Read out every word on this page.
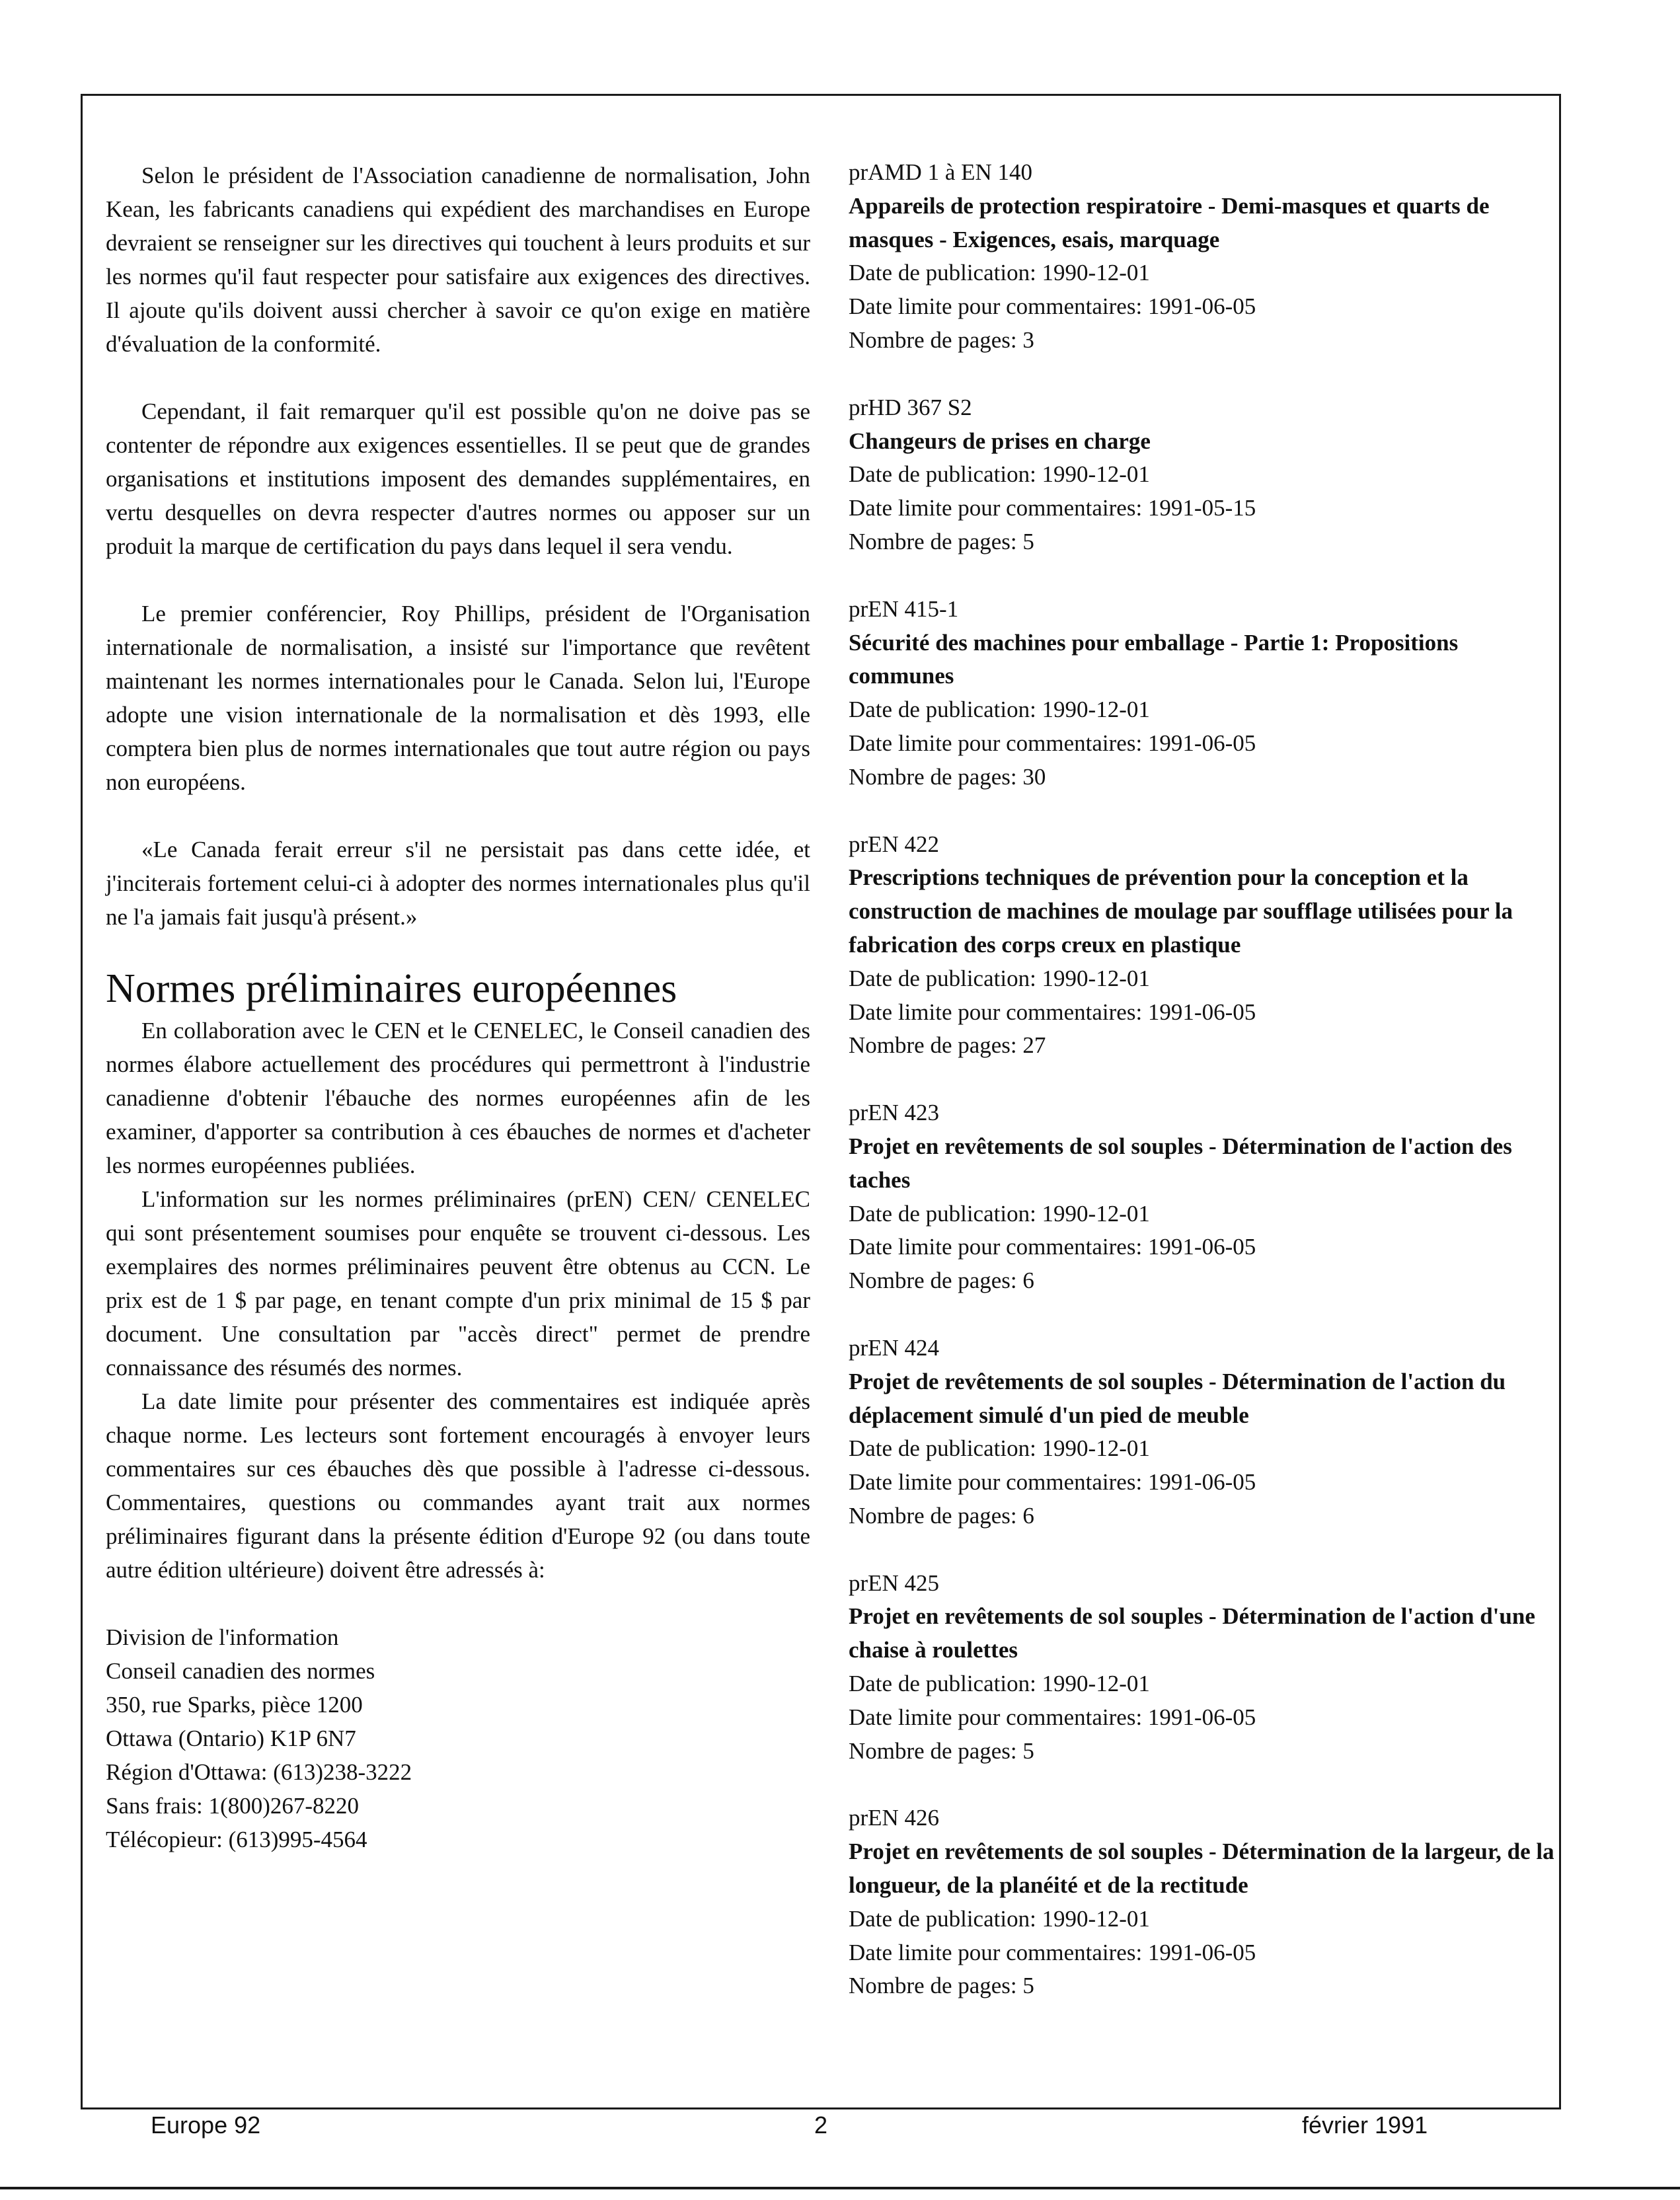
Selon le président de l'Association canadienne de normalisation, John Kean, les fabricants canadiens qui expédient des marchandises en Europe devraient se renseigner sur les directives qui touchent à leurs produits et sur les normes qu'il faut respecter pour satisfaire aux exigences des directives. Il ajoute qu'ils doivent aussi chercher à savoir ce qu'on exige en matière d'évaluation de la conformité.

Cependant, il fait remarquer qu'il est possible qu'on ne doive pas se contenter de répondre aux exigences essentielles. Il se peut que de grandes organisations et institutions imposent des demandes supplémentaires, en vertu desquelles on devra respecter d'autres normes ou apposer sur un produit la marque de certification du pays dans lequel il sera vendu.

Le premier conférencier, Roy Phillips, président de l'Organisation internationale de normalisation, a insisté sur l'importance que revêtent maintenant les normes internationales pour le Canada. Selon lui, l'Europe adopte une vision internationale de la normalisation et dès 1993, elle comptera bien plus de normes internationales que tout autre région ou pays non européens.

«Le Canada ferait erreur s'il ne persistait pas dans cette idée, et j'inciterais fortement celui-ci à adopter des normes internationales plus qu'il ne l'a jamais fait jusqu'à présent.»

Normes préliminaires européennes

En collaboration avec le CEN et le CENELEC, le Conseil canadien des normes élabore actuellement des procédures qui permettront à l'industrie canadienne d'obtenir l'ébauche des normes européennes afin de les examiner, d'apporter sa contribution à ces ébauches de normes et d'acheter les normes européennes publiées.

L'information sur les normes préliminaires (prEN) CEN/ CENELEC qui sont présentement soumises pour enquête se trouvent ci-dessous. Les exemplaires des normes préliminaires peuvent être obtenus au CCN. Le prix est de 1 $ par page, en tenant compte d'un prix minimal de 15 $ par document. Une consultation par "accès direct" permet de prendre connaissance des résumés des normes.

La date limite pour présenter des commentaires est indiquée après chaque norme. Les lecteurs sont fortement encouragés à envoyer leurs commentaires sur ces ébauches dès que possible à l'adresse ci-dessous. Commentaires, questions ou commandes ayant trait aux normes préliminaires figurant dans la présente édition d'Europe 92 (ou dans toute autre édition ultérieure) doivent être adressés à:

Division de l'information
Conseil canadien des normes
350, rue Sparks, pièce 1200
Ottawa (Ontario) K1P 6N7
Région d'Ottawa: (613)238-3222
Sans frais: 1(800)267-8220
Télécopieur: (613)995-4564
prAMD 1 à EN 140
Appareils de protection respiratoire - Demi-masques et quarts de masques - Exigences, esais, marquage
Date de publication: 1990-12-01
Date limite pour commentaires: 1991-06-05
Nombre de pages: 3
prHD 367 S2
Changeurs de prises en charge
Date de publication: 1990-12-01
Date limite pour commentaires: 1991-05-15
Nombre de pages: 5
prEN 415-1
Sécurité des machines pour emballage - Partie 1: Propositions communes
Date de publication: 1990-12-01
Date limite pour commentaires: 1991-06-05
Nombre de pages: 30
prEN 422
Prescriptions techniques de prévention pour la conception et la construction de machines de moulage par soufflage utilisées pour la fabrication des corps creux en plastique
Date de publication: 1990-12-01
Date limite pour commentaires: 1991-06-05
Nombre de pages: 27
prEN 423
Projet en revêtements de sol souples - Détermination de l'action des taches
Date de publication: 1990-12-01
Date limite pour commentaires: 1991-06-05
Nombre de pages: 6
prEN 424
Projet de revêtements de sol souples - Détermination de l'action du déplacement simulé d'un pied de meuble
Date de publication: 1990-12-01
Date limite pour commentaires: 1991-06-05
Nombre de pages: 6
prEN 425
Projet en revêtements de sol souples - Détermination de l'action d'une chaise à roulettes
Date de publication: 1990-12-01
Date limite pour commentaires: 1991-06-05
Nombre de pages: 5
prEN 426
Projet en revêtements de sol souples - Détermination de la largeur, de la longueur, de la planéité et de la rectitude
Date de publication: 1990-12-01
Date limite pour commentaires: 1991-06-05
Nombre de pages: 5
Europe 92	2	février 1991
